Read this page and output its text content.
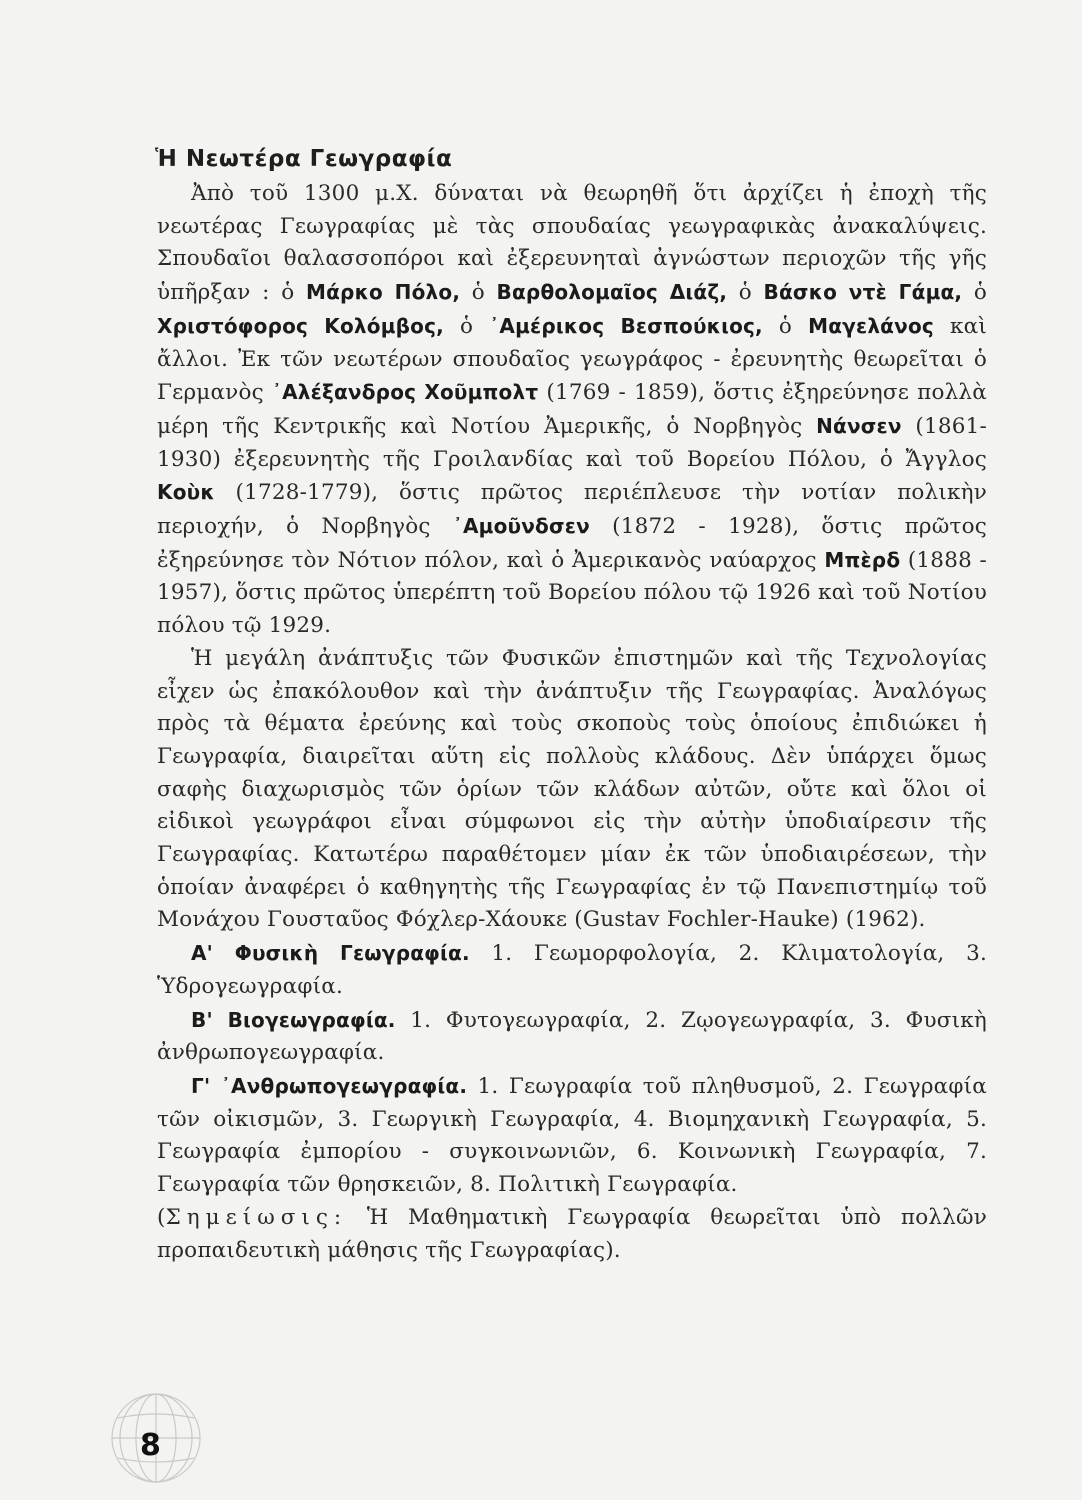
Ἡ Νεωτέρα Γεωγραφία

Ἀπὸ τοῦ 1300 μ.Χ. δύναται νὰ θεωρηθῆ ὅτι ἀρχίζει ἡ ἐποχὴ τῆς νεωτέρας Γεωγραφίας μὲ τὰς σπουδαίας γεωγραφικὰς ἀνακαλύψεις. Σπουδαῖοι θαλασσοπόροι καὶ ἐξερευνηταὶ ἀγνώστων περιοχῶν τῆς γῆς ὑπῆρξαν : ὁ Μάρκο Πόλο, ὁ Βαρθολομαῖος Διάζ, ὁ Βάσκο ντὲ Γάμα, ὁ Χριστόφορος Κολόμβος, ὁ ᾿Αμέρικος Βεσπούκιος, ὁ Μαγελάνος καὶ ἄλλοι. Ἐκ τῶν νεωτέρων σπουδαῖος γεωγράφος - ἐρευνητὴς θεωρεῖται ὁ Γερμανὸς ᾿Αλέξανδρος Χοῦμπολτ (1769 - 1859), ὅστις ἐξηρεύνησε πολλὰ μέρη τῆς Κεντρικῆς καὶ Νοτίου Ἀμερικῆς, ὁ Νορβηγὸς Νάνσεν (1861-1930) ἐξερευνητὴς τῆς Γροιλανδίας καὶ τοῦ Βορείου Πόλου, ὁ Ἄγγλος Κοὺκ (1728-1779), ὅστις πρῶτος περιέπλευσε τὴν νοτίαν πολικὴν περιοχήν, ὁ Νορβηγὸς ᾿Αμοῦνδσεν (1872 - 1928), ὅστις πρῶτος ἐξηρεύνησε τὸν Νότιον πόλον, καὶ ὁ Ἀμερικανὸς ναύαρχος Μπὲρδ (1888 - 1957), ὅστις πρῶτος ὑπερέπτη τοῦ Βορείου πόλου τῷ 1926 καὶ τοῦ Νοτίου πόλου τῷ 1929.

Ἡ μεγάλη ἀνάπτυξις τῶν Φυσικῶν ἐπιστημῶν καὶ τῆς Τεχνολογίας εἶχεν ὡς ἐπακόλουθον καὶ τὴν ἀνάπτυξιν τῆς Γεωγραφίας. Ἀναλόγως πρὸς τὰ θέματα ἐρεύνης καὶ τοὺς σκοποὺς τοὺς ὁποίους ἐπιδιώκει ἡ Γεωγραφία, διαιρεῖται αὕτη εἰς πολλοὺς κλάδους. Δὲν ὑπάρχει ὅμως σαφὴς διαχωρισμὸς τῶν ὁρίων τῶν κλάδων αὐτῶν, οὔτε καὶ ὅλοι οἱ εἰδικοὶ γεωγράφοι εἶναι σύμφωνοι εἰς τὴν αὐτὴν ὑποδιαίρεσιν τῆς Γεωγραφίας. Κατωτέρω παραθέτομεν μίαν ἐκ τῶν ὑποδιαιρέσεων, τὴν ὁποίαν ἀναφέρει ὁ καθηγητὴς τῆς Γεωγραφίας ἐν τῷ Πανεπιστημίῳ τοῦ Μονάχου Γουσταῦος Φόχλερ-Χάουκε (Gustav Fochler-Hauke) (1962).

Α' Φυσικὴ Γεωγραφία. 1. Γεωμορφολογία, 2. Κλιματολογία, 3. Ὑδρογεωγραφία.

Β' Βιογεωγραφία. 1. Φυτογεωγραφία, 2. Ζῳογεωγραφία, 3. Φυσικὴ ἀνθρωπογεωγραφία.

Γ' ᾿Ανθρωπογεωγραφία. 1. Γεωγραφία τοῦ πληθυσμοῦ, 2. Γεωγραφία τῶν οἰκισμῶν, 3. Γεωργικὴ Γεωγραφία, 4. Βιομηχανικὴ Γεωγραφία, 5. Γεωγραφία ἐμπορίου - συγκοινωνιῶν, 6. Κοινωνικὴ Γεωγραφία, 7. Γεωγραφία τῶν θρησκειῶν, 8. Πολιτικὴ Γεωγραφία.

(Σημείωσις: Ἡ Μαθηματικὴ Γεωγραφία θεωρεῖται ὑπὸ πολλῶν προπαιδευτικὴ μάθησις τῆς Γεωγραφίας).

8
